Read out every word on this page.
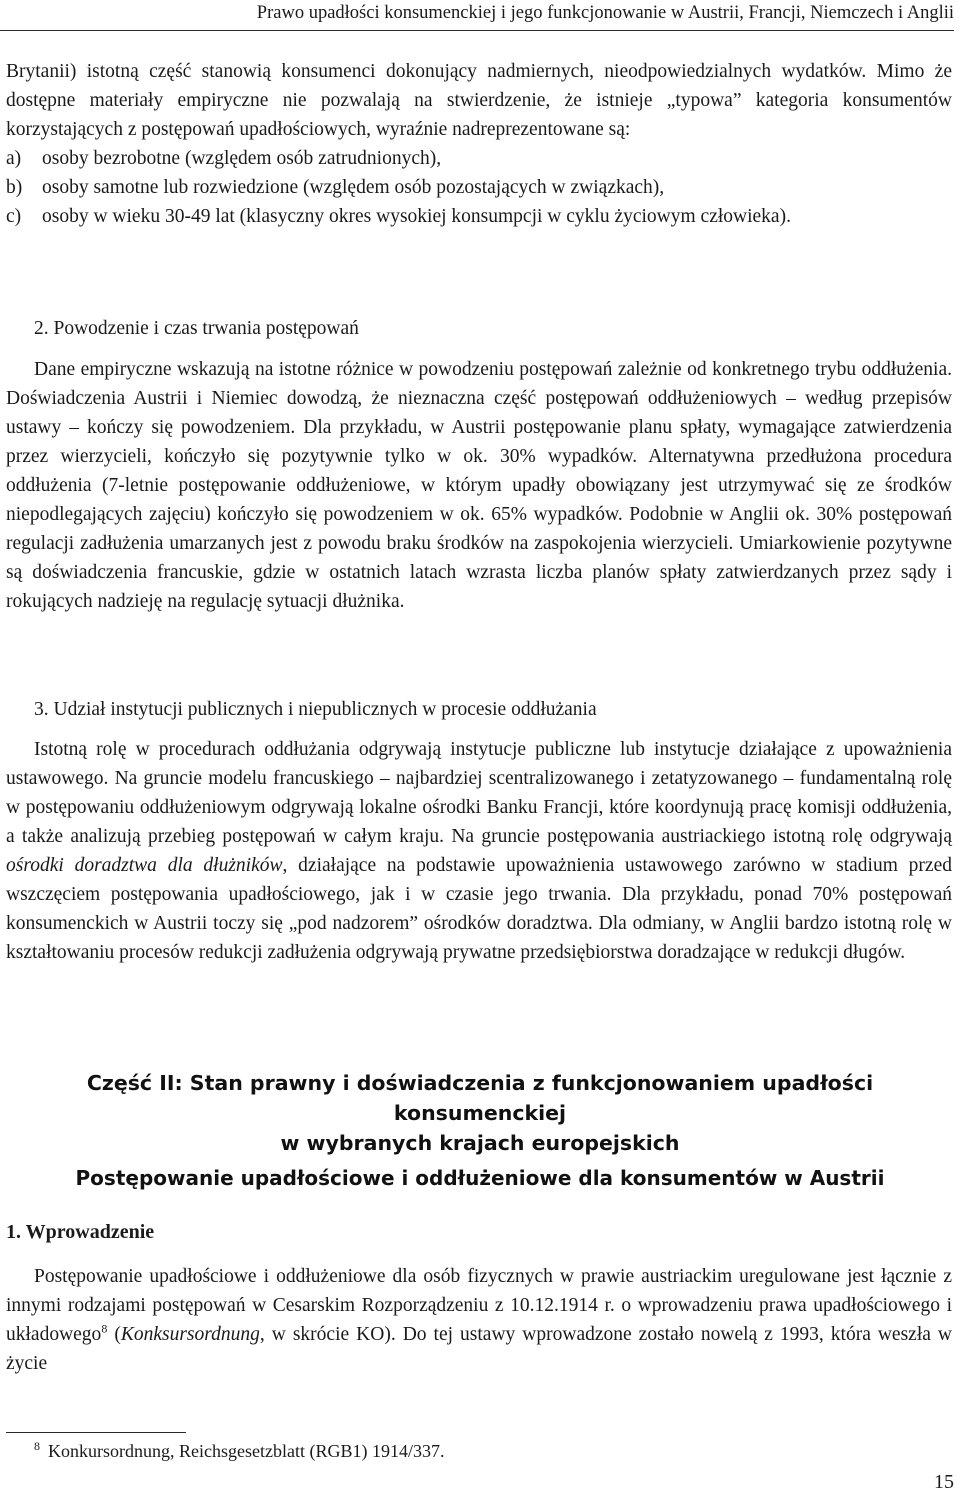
Prawo upadłości konsumenckiej i jego funkcjonowanie w Austrii, Francji, Niemczech i Anglii

Brytanii) istotną część stanowią konsumenci dokonujący nadmiernych, nieodpowiedzialnych wydatków. Mimo że dostępne materiały empiryczne nie pozwalają na stwierdzenie, że istnieje „typowa” kategoria konsumentów korzystających z postępowań upadłościowych, wyraźnie nadreprezentowane są:

a)	osoby bezrobotne (względem osób zatrudnionych),
b)	osoby samotne lub rozwiedzione (względem osób pozostających w związkach),
c)	osoby w wieku 30-49 lat (klasyczny okres wysokiej konsumpcji w cyklu życiowym człowieka).
2. Powodzenie i czas trwania postępowań

Dane empiryczne wskazują na istotne różnice w powodzeniu postępowań zależnie od konkretnego trybu oddłużenia. Doświadczenia Austrii i Niemiec dowodzą, że nieznaczna część postępowań oddłużeniowych – według przepisów ustawy – kończy się powodzeniem. Dla przykładu, w Austrii postępowanie planu spłaty, wymagające zatwierdzenia przez wierzycieli, kończyło się pozytywnie tylko w ok. 30% wypadków. Alternatywna przedłużona procedura oddłużenia (7-letnie postępowanie oddłużeniowe, w którym upadły obowiązany jest utrzymywać się ze środków niepodlegających zajęciu) kończyło się powodzeniem w ok. 65% wypadków. Podobnie w Anglii ok. 30% postępowań regulacji zadłużenia umarzanych jest z powodu braku środków na zaspokojenia wierzycieli. Umiarkowienie pozytywne są doświadczenia francuskie, gdzie w ostatnich latach wzrasta liczba planów spłaty zatwierdzanych przez sądy i rokujących nadzieję na regulację sytuacji dłużnika.

3. Udział instytucji publicznych i niepublicznych w procesie oddłużania

Istotną rolę w procedurach oddłużania odgrywają instytucje publiczne lub instytucje działające z upoważnienia ustawowego. Na gruncie modelu francuskiego – najbardziej scentralizowanego i zetatyzowanego – fundamentalną rolę w postępowaniu oddłużeniowym odgrywają lokalne ośrodki Banku Francji, które koordynują pracę komisji oddłużenia, a także analizują przebieg postępowań w całym kraju. Na gruncie postępowania austriackiego istotną rolę odgrywają ośrodki doradztwa dla dłużników, działające na podstawie upoważnienia ustawowego zarówno w stadium przed wszczęciem postępowania upadłościowego, jak i w czasie jego trwania. Dla przykładu, ponad 70% postępowań konsumenckich w Austrii toczy się „pod nadzorem” ośrodków doradztwa. Dla odmiany, w Anglii bardzo istotną rolę w kształtowaniu procesów redukcji zadłużenia odgrywają prywatne przedsiębiorstwa doradzające w redukcji długów.

Część II: Stan prawny i doświadczenia z funkcjonowaniem upadłości konsumenckiej
w wybranych krajach europejskich
Postępowanie upadłościowe i oddłużeniowe dla konsumentów w Austrii
1. Wprowadzenie

Postępowanie upadłościowe i oddłużeniowe dla osób fizycznych w prawie austriackim uregulowane jest łącznie z innymi rodzajami postępowań w Cesarskim Rozporządzeniu z 10.12.1914 r. o wprowadzeniu prawa upadłościowego i układowego$^8$ (Konksursordnung, w skrócie KO). Do tej ustawy wprowadzone zostało nowelą z 1993, która weszła w życie

$^8$ Konkursordnung, Reichsgesetzblatt (RGB1) 1914/337.
15
